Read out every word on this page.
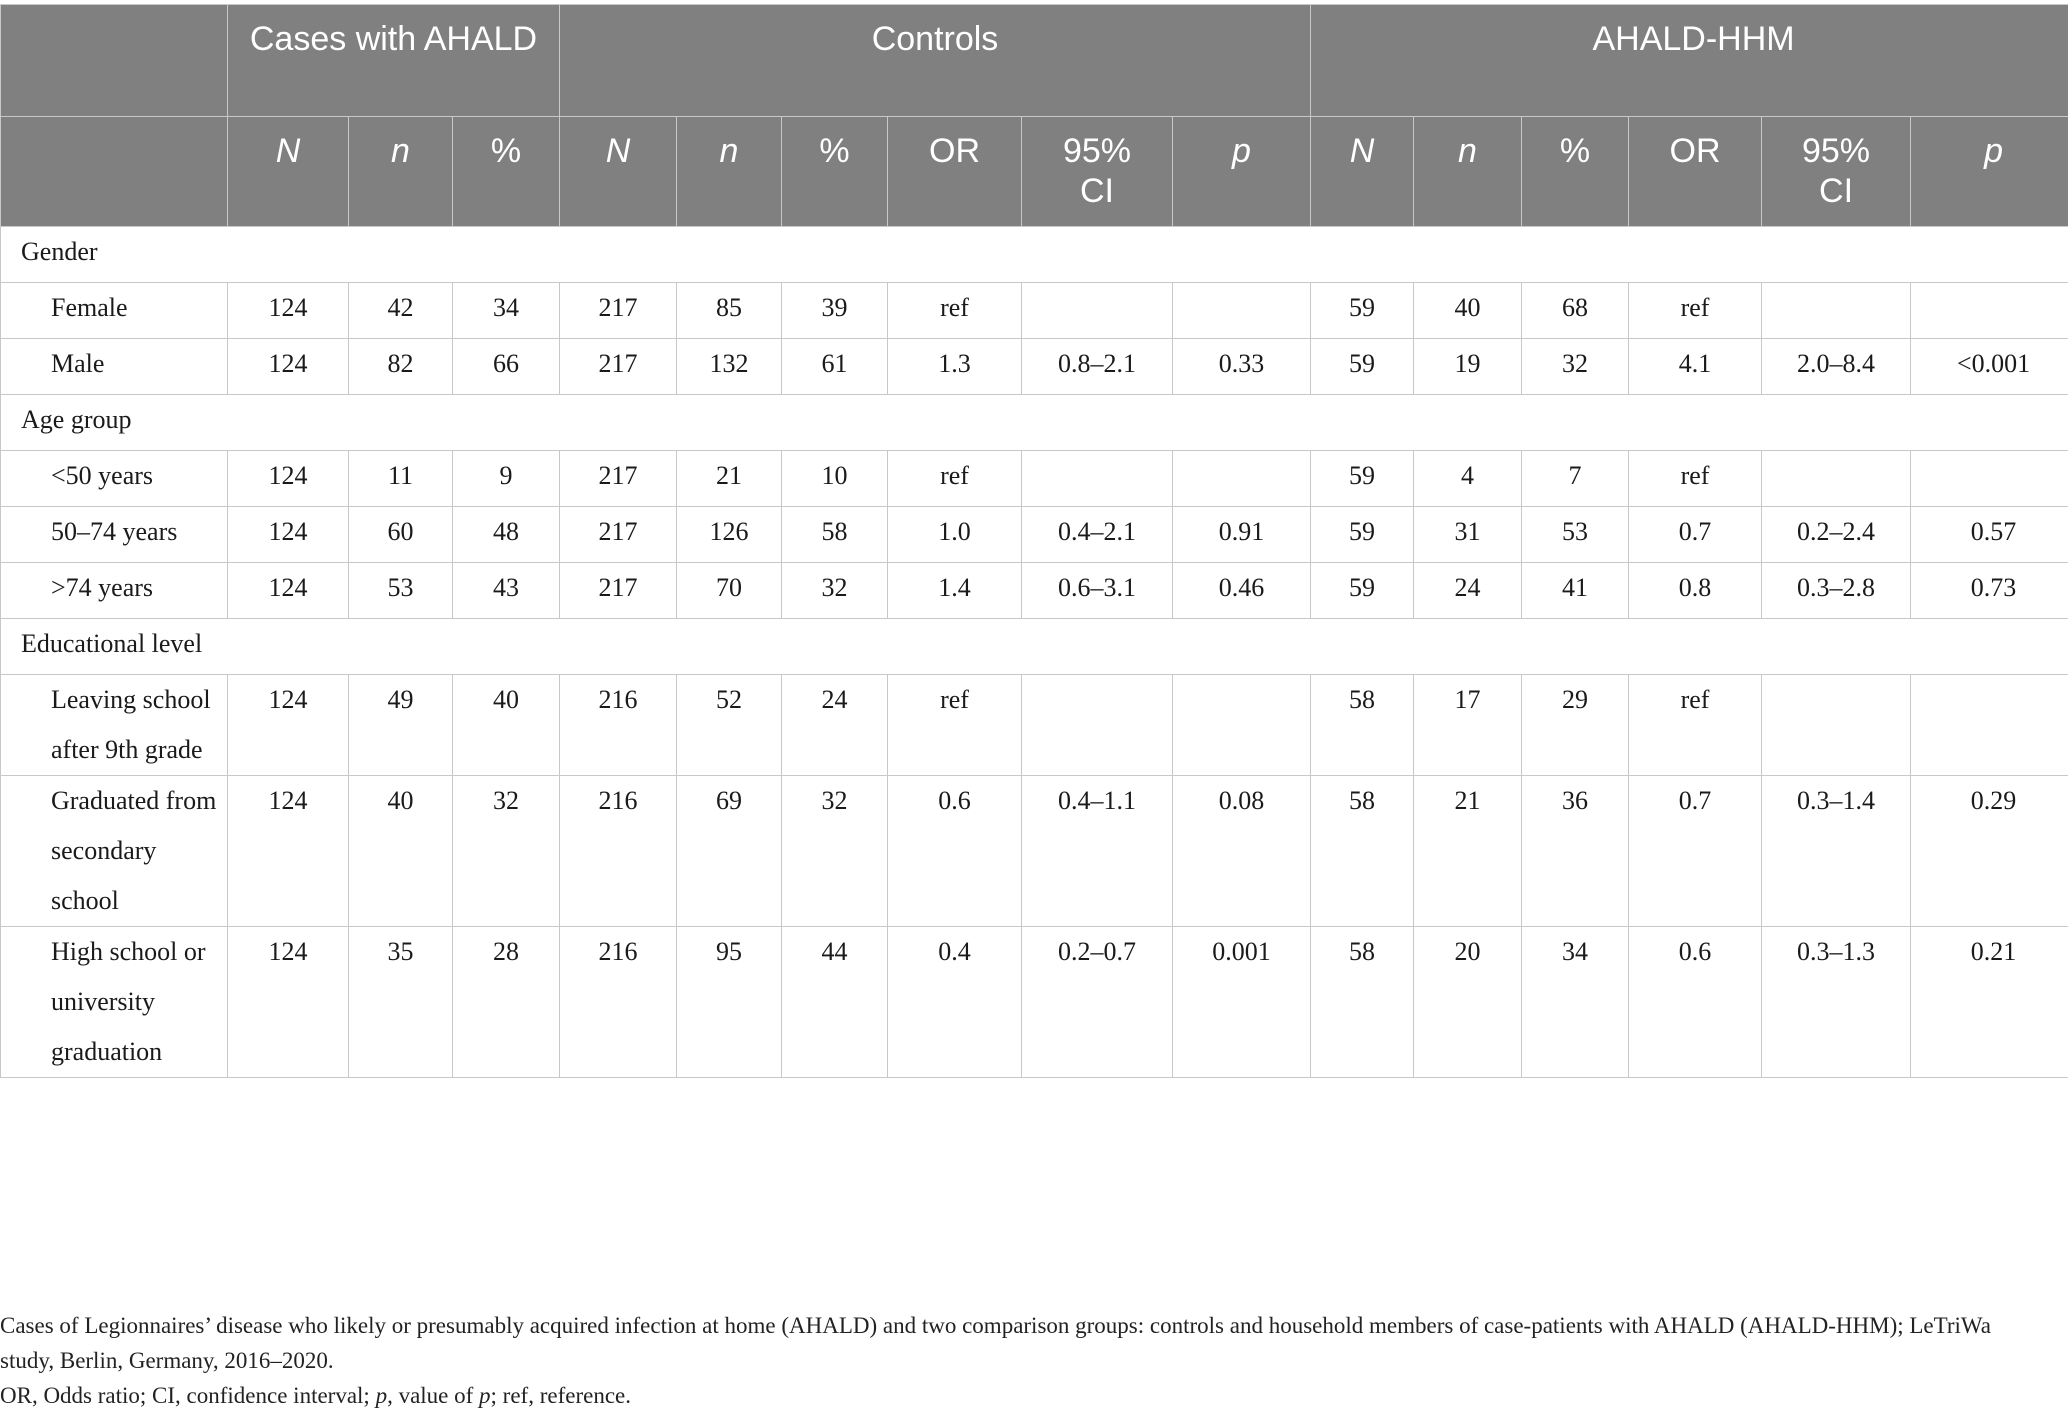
	Cases with AHALD			Controls						AHALD-HHM					
	N	n	%	N	n	%	OR	95% CI	p	N	n	%	OR	95% CI	p
Gender															
Female	124	42	34	217	85	39	ref			59	40	68	ref		
Male	124	82	66	217	132	61	1.3	0.8–2.1	0.33	59	19	32	4.1	2.0–8.4	<0.001
Age group															
<50 years	124	11	9	217	21	10	ref			59	4	7	ref		
50–74 years	124	60	48	217	126	58	1.0	0.4–2.1	0.91	59	31	53	0.7	0.2–2.4	0.57
>74 years	124	53	43	217	70	32	1.4	0.6–3.1	0.46	59	24	41	0.8	0.3–2.8	0.73
Educational level															
Leaving school after 9th grade	124	49	40	216	52	24	ref			58	17	29	ref		
Graduated from secondary school	124	40	32	216	69	32	0.6	0.4–1.1	0.08	58	21	36	0.7	0.3–1.4	0.29
High school or university graduation	124	35	28	216	95	44	0.4	0.2–0.7	0.001	58	20	34	0.6	0.3–1.3	0.21

Cases of Legionnaires’ disease who likely or presumably acquired infection at home (AHALD) and two comparison groups: controls and household members of case-patients with AHALD (AHALD-HHM); LeTriWa study, Berlin, Germany, 2016–2020.

OR, Odds ratio; CI, confidence interval; p, value of p; ref, reference.
